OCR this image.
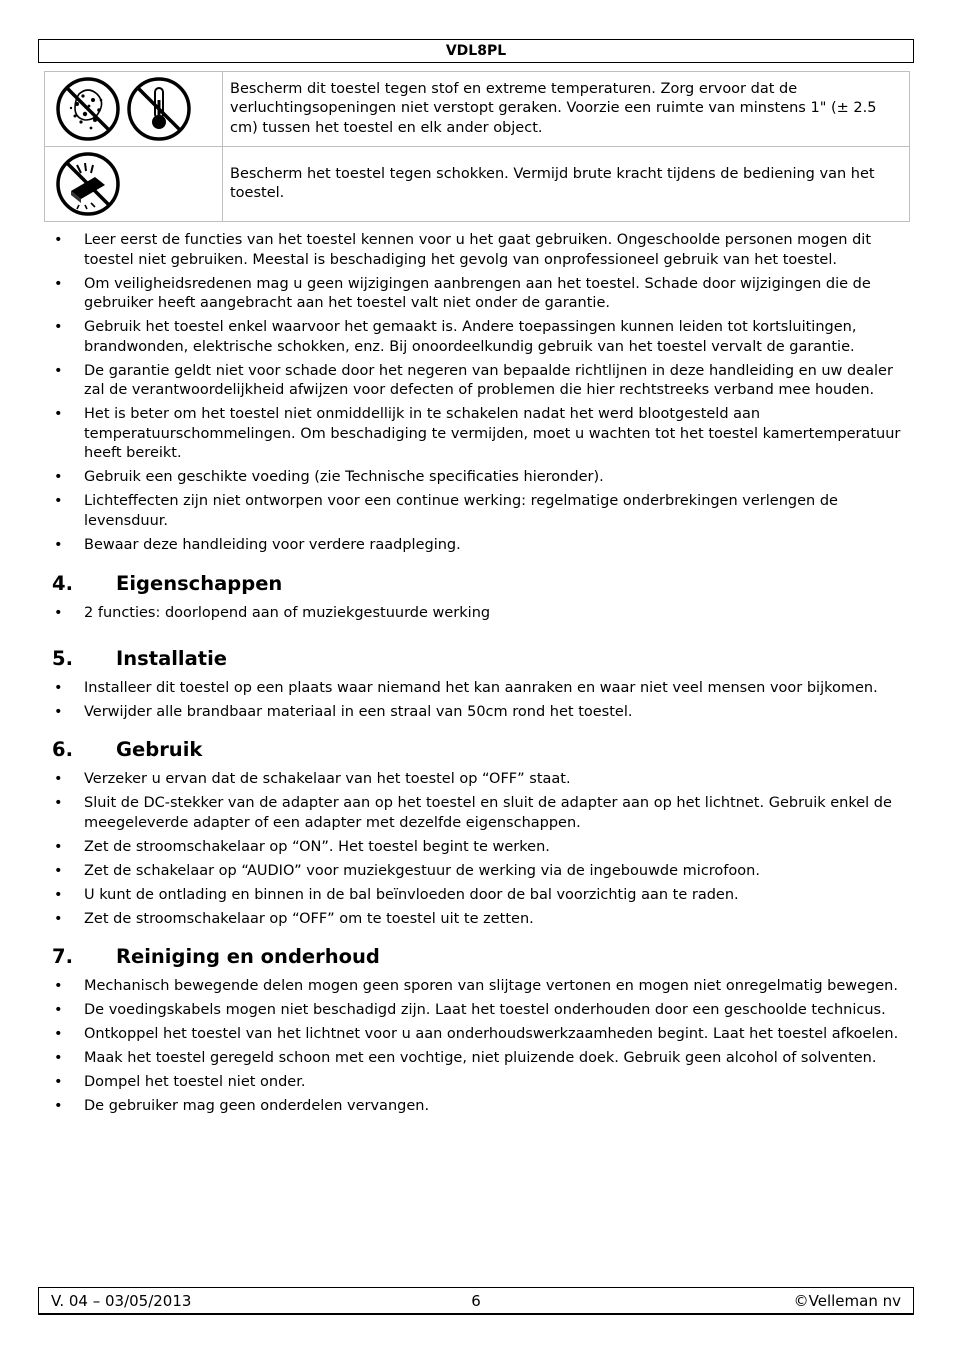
VDL8PL
	Bescherm dit toestel tegen stof en extreme temperaturen. Zorg ervoor dat de verluchtingsopeningen niet verstopt geraken. Voorzie een ruimte van minstens 1" (± 2.5 cm) tussen het toestel en elk ander object.
	Bescherm het toestel tegen schokken. Vermijd brute kracht tijdens de bediening van het toestel.
• Leer eerst de functies van het toestel kennen voor u het gaat gebruiken. Ongeschoolde personen mogen dit toestel niet gebruiken. Meestal is beschadiging het gevolg van onprofessioneel gebruik van het toestel.
• Om veiligheidsredenen mag u geen wijzigingen aanbrengen aan het toestel. Schade door wijzigingen die de gebruiker heeft aangebracht aan het toestel valt niet onder de garantie.
• Gebruik het toestel enkel waarvoor het gemaakt is. Andere toepassingen kunnen leiden tot kortsluitingen, brandwonden, elektrische schokken, enz. Bij onoordeelkundig gebruik van het toestel vervalt de garantie.
• De garantie geldt niet voor schade door het negeren van bepaalde richtlijnen in deze handleiding en uw dealer zal de verantwoordelijkheid afwijzen voor defecten of problemen die hier rechtstreeks verband mee houden.
• Het is beter om het toestel niet onmiddellijk in te schakelen nadat het werd blootgesteld aan temperatuurschommelingen. Om beschadiging te vermijden, moet u wachten tot het toestel kamertemperatuur heeft bereikt.
• Gebruik een geschikte voeding (zie Technische specificaties hieronder).
• Lichteffecten zijn niet ontworpen voor een continue werking: regelmatige onderbrekingen verlengen de levensduur.
• Bewaar deze handleiding voor verdere raadpleging.
4. Eigenschappen
• 2 functies: doorlopend aan of muziekgestuurde werking
5. Installatie
• Installeer dit toestel op een plaats waar niemand het kan aanraken en waar niet veel mensen voor bijkomen.
• Verwijder alle brandbaar materiaal in een straal van 50cm rond het toestel.
6. Gebruik
• Verzeker u ervan dat de schakelaar van het toestel op “OFF” staat.
• Sluit de DC-stekker van de adapter aan op het toestel en sluit de adapter aan op het lichtnet. Gebruik enkel de meegeleverde adapter of een adapter met dezelfde eigenschappen.
• Zet de stroomschakelaar op “ON”. Het toestel begint te werken.
• Zet de schakelaar op “AUDIO” voor muziekgestuur de werking via de ingebouwde microfoon.
• U kunt de ontlading en binnen in de bal beïnvloeden door de bal voorzichtig aan te raden.
• Zet de stroomschakelaar op “OFF” om te toestel uit te zetten.
7. Reiniging en onderhoud
• Mechanisch bewegende delen mogen geen sporen van slijtage vertonen en mogen niet onregelmatig bewegen.
• De voedingskabels mogen niet beschadigd zijn. Laat het toestel onderhouden door een geschoolde technicus.
• Ontkoppel het toestel van het lichtnet voor u aan onderhoudswerkzaamheden begint. Laat het toestel afkoelen.
• Maak het toestel geregeld schoon met een vochtige, niet pluizende doek. Gebruik geen alcohol of solventen.
• Dompel het toestel niet onder.
• De gebruiker mag geen onderdelen vervangen.
V. 04 – 03/05/2013	6	©Velleman nv
